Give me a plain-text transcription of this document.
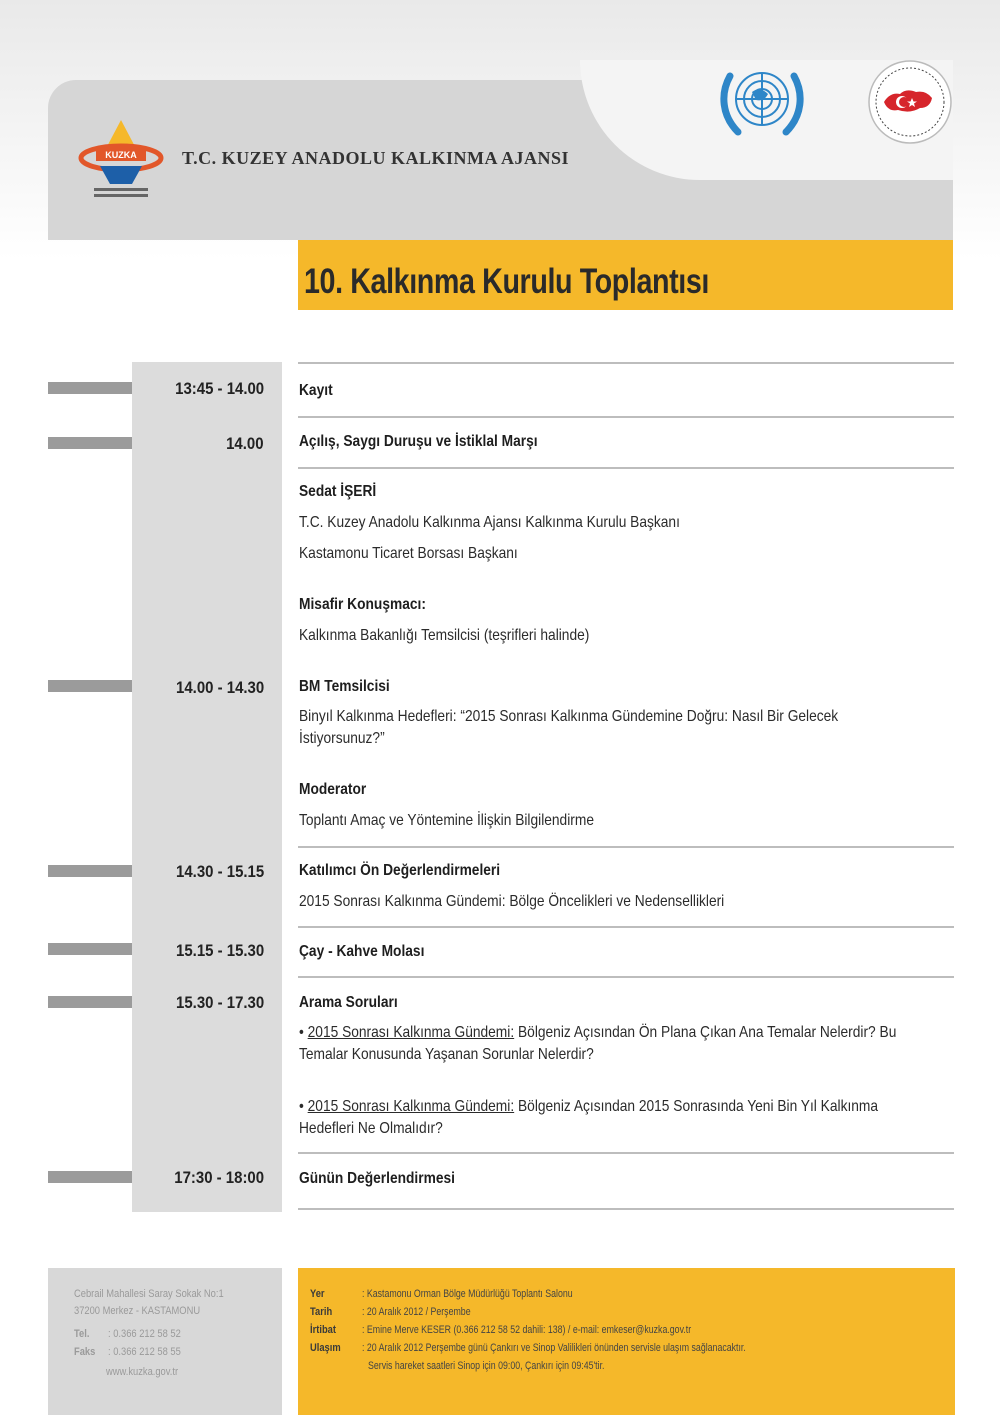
KUZKA	T.C. KUZEY ANADOLU KALKINMA AJANSI
10. Kalkınma Kurulu Toplantısı
13:45 - 14.00 Kayıt
14.00 Açılış, Saygı Duruşu ve İstiklal Marşı
Sedat İŞERİ
T.C. Kuzey Anadolu Kalkınma Ajansı Kalkınma Kurulu Başkanı
Kastamonu Ticaret Borsası Başkanı
Misafir Konuşmacı:
Kalkınma Bakanlığı Temsilcisi (teşrifleri halinde)
14.00 - 14.30 BM Temsilcisi
Binyıl Kalkınma Hedefleri: “2015 Sonrası Kalkınma Gündemine Doğru: Nasıl Bir Gelecek İstiyorsunuz?”
Moderator
Toplantı Amaç ve Yöntemine İlişkin Bilgilendirme
14.30 - 15.15 Katılımcı Ön Değerlendirmeleri
2015 Sonrası Kalkınma Gündemi: Bölge Öncelikleri ve Nedensellikleri
15.15 - 15.30 Çay - Kahve Molası
15.30 - 17.30 Arama Soruları
• 2015 Sonrası Kalkınma Gündemi: Bölgeniz Açısından Ön Plana Çıkan Ana Temalar Nelerdir? Bu Temalar Konusunda Yaşanan Sorunlar Nelerdir?
• 2015 Sonrası Kalkınma Gündemi: Bölgeniz Açısından 2015 Sonrasında Yeni Bin Yıl Kalkınma Hedefleri Ne Olmalıdır?
17:30 - 18:00 Günün Değerlendirmesi
Cebrail Mahallesi Saray Sokak No:1
37200 Merkez - KASTAMONU
Tel. : 0.366 212 58 52
Faks : 0.366 212 58 55
www.kuzka.gov.tr
Yer	: Kastamonu Orman Bölge Müdürlüğü Toplantı Salonu
Tarih	: 20 Aralık 2012 / Perşembe
İrtibat : Emine Merve KESER (0.366 212 58 52 dahili: 138) / e-mail: emkeser@kuzka.gov.tr
Ulaşım : 20 Aralık 2012 Perşembe günü Çankırı ve Sinop Valilikleri önünden servisle ulaşım sağlanacaktır.
Servis hareket saatleri Sinop için 09:00, Çankırı için 09:45'tir.
